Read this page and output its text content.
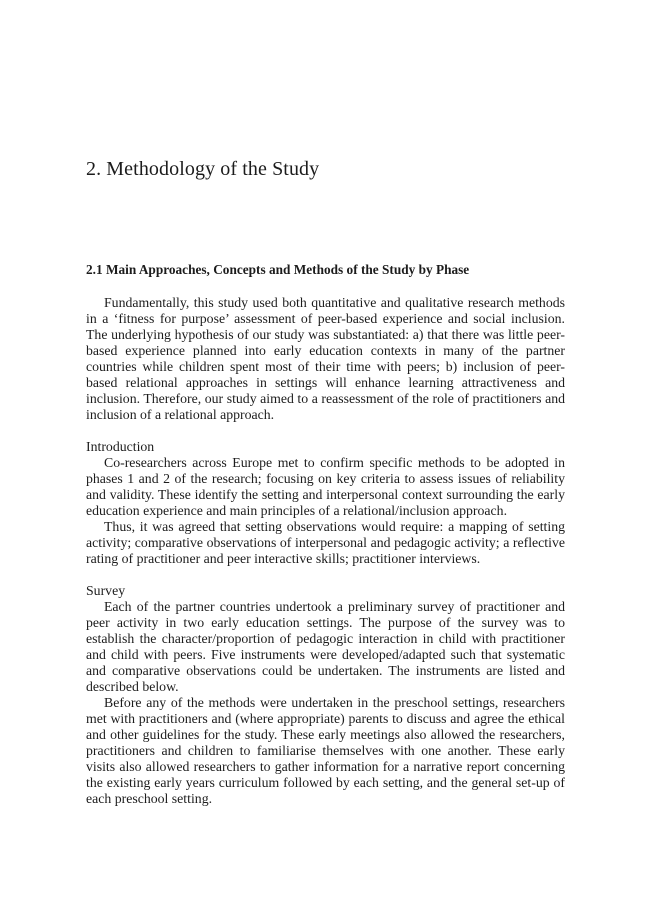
2. Methodology of the Study
2.1 Main Approaches, Concepts and Methods of the Study by Phase

Fundamentally, this study used both quantitative and qualitative research methods in a ‘fitness for purpose’ assessment of peer-based experience and social inclusion. The underlying hypothesis of our study was substantiated: a) that there was little peer-based experience planned into early education contexts in many of the partner countries while children spent most of their time with peers; b) inclusion of peer-based relational approaches in settings will enhance learning attractiveness and inclusion. Therefore, our study aimed to a reassessment of the role of practitioners and inclusion of a relational approach.

Introduction

Co-researchers across Europe met to confirm specific methods to be adopted in phases 1 and 2 of the research; focusing on key criteria to assess issues of reliability and validity. These identify the setting and interpersonal context surrounding the early education experience and main principles of a relational/inclusion approach.

Thus, it was agreed that setting observations would require: a mapping of setting activity; comparative observations of interpersonal and pedagogic activity; a reflective rating of practitioner and peer interactive skills; practitioner interviews.

Survey

Each of the partner countries undertook a preliminary survey of practitioner and peer activity in two early education settings. The purpose of the survey was to establish the character/proportion of pedagogic interaction in child with practitioner and child with peers. Five instruments were developed/adapted such that systematic and comparative observations could be undertaken. The instruments are listed and described below.

Before any of the methods were undertaken in the preschool settings, researchers met with practitioners and (where appropriate) parents to discuss and agree the ethical and other guidelines for the study. These early meetings also allowed the researchers, practitioners and children to familiarise themselves with one another. These early visits also allowed researchers to gather information for a narrative report concerning the existing early years curriculum followed by each setting, and the general set-up of each preschool setting.
